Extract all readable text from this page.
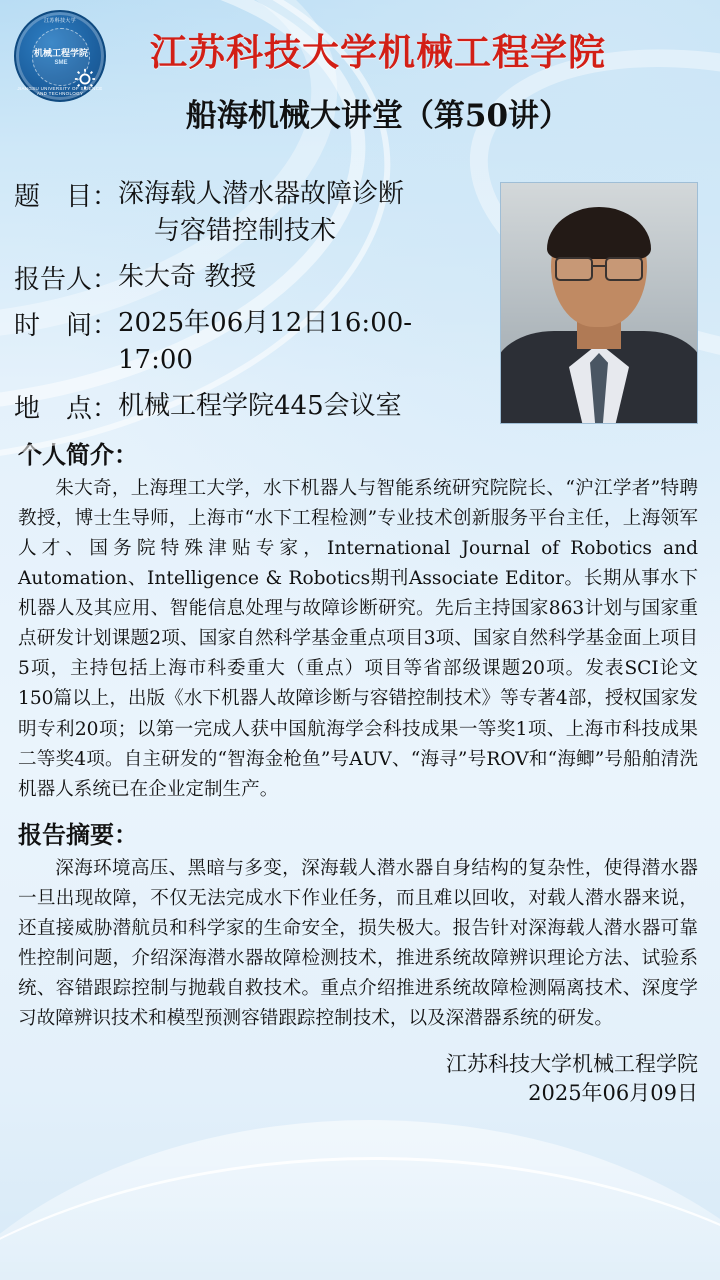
江苏科技大学
JIANGSU UNIVERSITY OF SCIENCE AND TECHNOLOGY
机械工程学院
SME	江苏科技大学机械工程学院
船海机械大讲堂（第50讲）
题　目： 深海载人潜水器故障诊断
与容错控制技术
报告人： 朱大奇 教授
时　间： 2025年06月12日16:00-17:00
地　点： 机械工程学院445会议室
个人简介：

朱大奇，上海理工大学，水下机器人与智能系统研究院院长、“沪江学者”特聘教授，博士生导师，上海市“水下工程检测”专业技术创新服务平台主任，上海领军人才、国务院特殊津贴专家，International Journal of Robotics and Automation、Intelligence & Robotics期刊Associate Editor。长期从事水下机器人及其应用、智能信息处理与故障诊断研究。先后主持国家863计划与国家重点研发计划课题2项、国家自然科学基金重点项目3项、国家自然科学基金面上项目5项，主持包括上海市科委重大（重点）项目等省部级课题20项。发表SCI论文150篇以上，出版《水下机器人故障诊断与容错控制技术》等专著4部，授权国家发明专利20项；以第一完成人获中国航海学会科技成果一等奖1项、上海市科技成果二等奖4项。自主研发的“智海金枪鱼”号AUV、“海寻”号ROV和“海鲫”号船舶清洗机器人系统已在企业定制生产。

报告摘要：

深海环境高压、黑暗与多变，深海载人潜水器自身结构的复杂性，使得潜水器一旦出现故障，不仅无法完成水下作业任务，而且难以回收，对载人潜水器来说，还直接威胁潜航员和科学家的生命安全，损失极大。报告针对深海载人潜水器可靠性控制问题，介绍深海潜水器故障检测技术，推进系统故障辨识理论方法、试验系统、容错跟踪控制与抛载自救技术。重点介绍推进系统故障检测隔离技术、深度学习故障辨识技术和模型预测容错跟踪控制技术，以及深潜器系统的研发。

江苏科技大学机械工程学院
2025年06月09日
